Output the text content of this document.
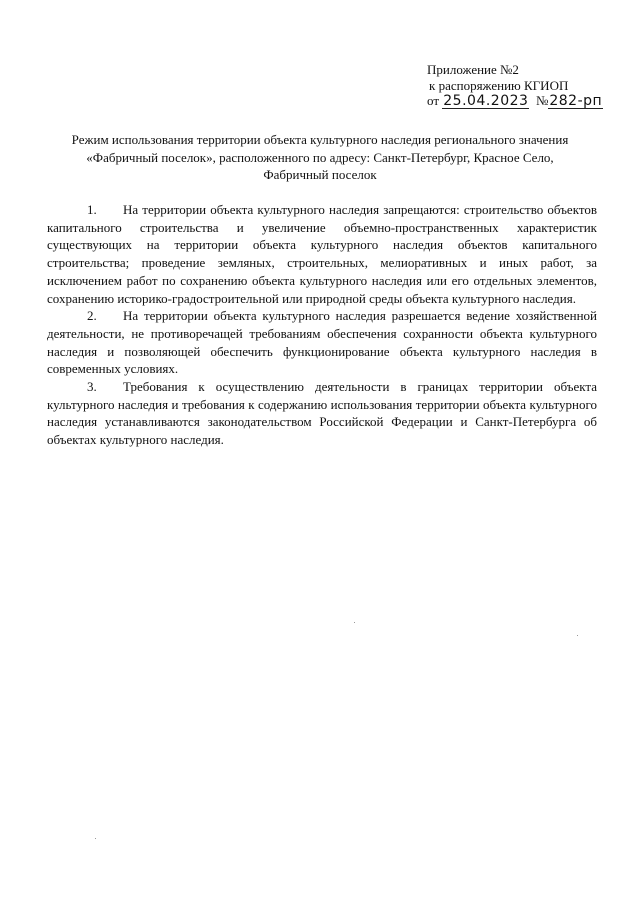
Приложение №2
к распоряжению КГИОП
от 25.04.2023 №282-рп
Режим использования территории объекта культурного наследия регионального значения
«Фабричный поселок», расположенного по адресу: Санкт-Петербург, Красное Село,
Фабричный поселок

1. На территории объекта культурного наследия запрещаются: строительство объектов капитального строительства и увеличение объемно-пространственных характеристик существующих на территории объекта культурного наследия объектов капитального строительства; проведение земляных, строительных, мелиоративных и иных работ, за исключением работ по сохранению объекта культурного наследия или его отдельных элементов, сохранению историко-градостроительной или природной среды объекта культурного наследия.

2. На территории объекта культурного наследия разрешается ведение хозяйственной деятельности, не противоречащей требованиям обеспечения сохранности объекта культурного наследия и позволяющей обеспечить функционирование объекта культурного наследия в современных условиях.

3. Требования к осуществлению деятельности в границах территории объекта культурного наследия и требования к содержанию использования территории объекта культурного наследия устанавливаются законодательством Российской Федерации и Санкт-Петербурга об объектах культурного наследия.
